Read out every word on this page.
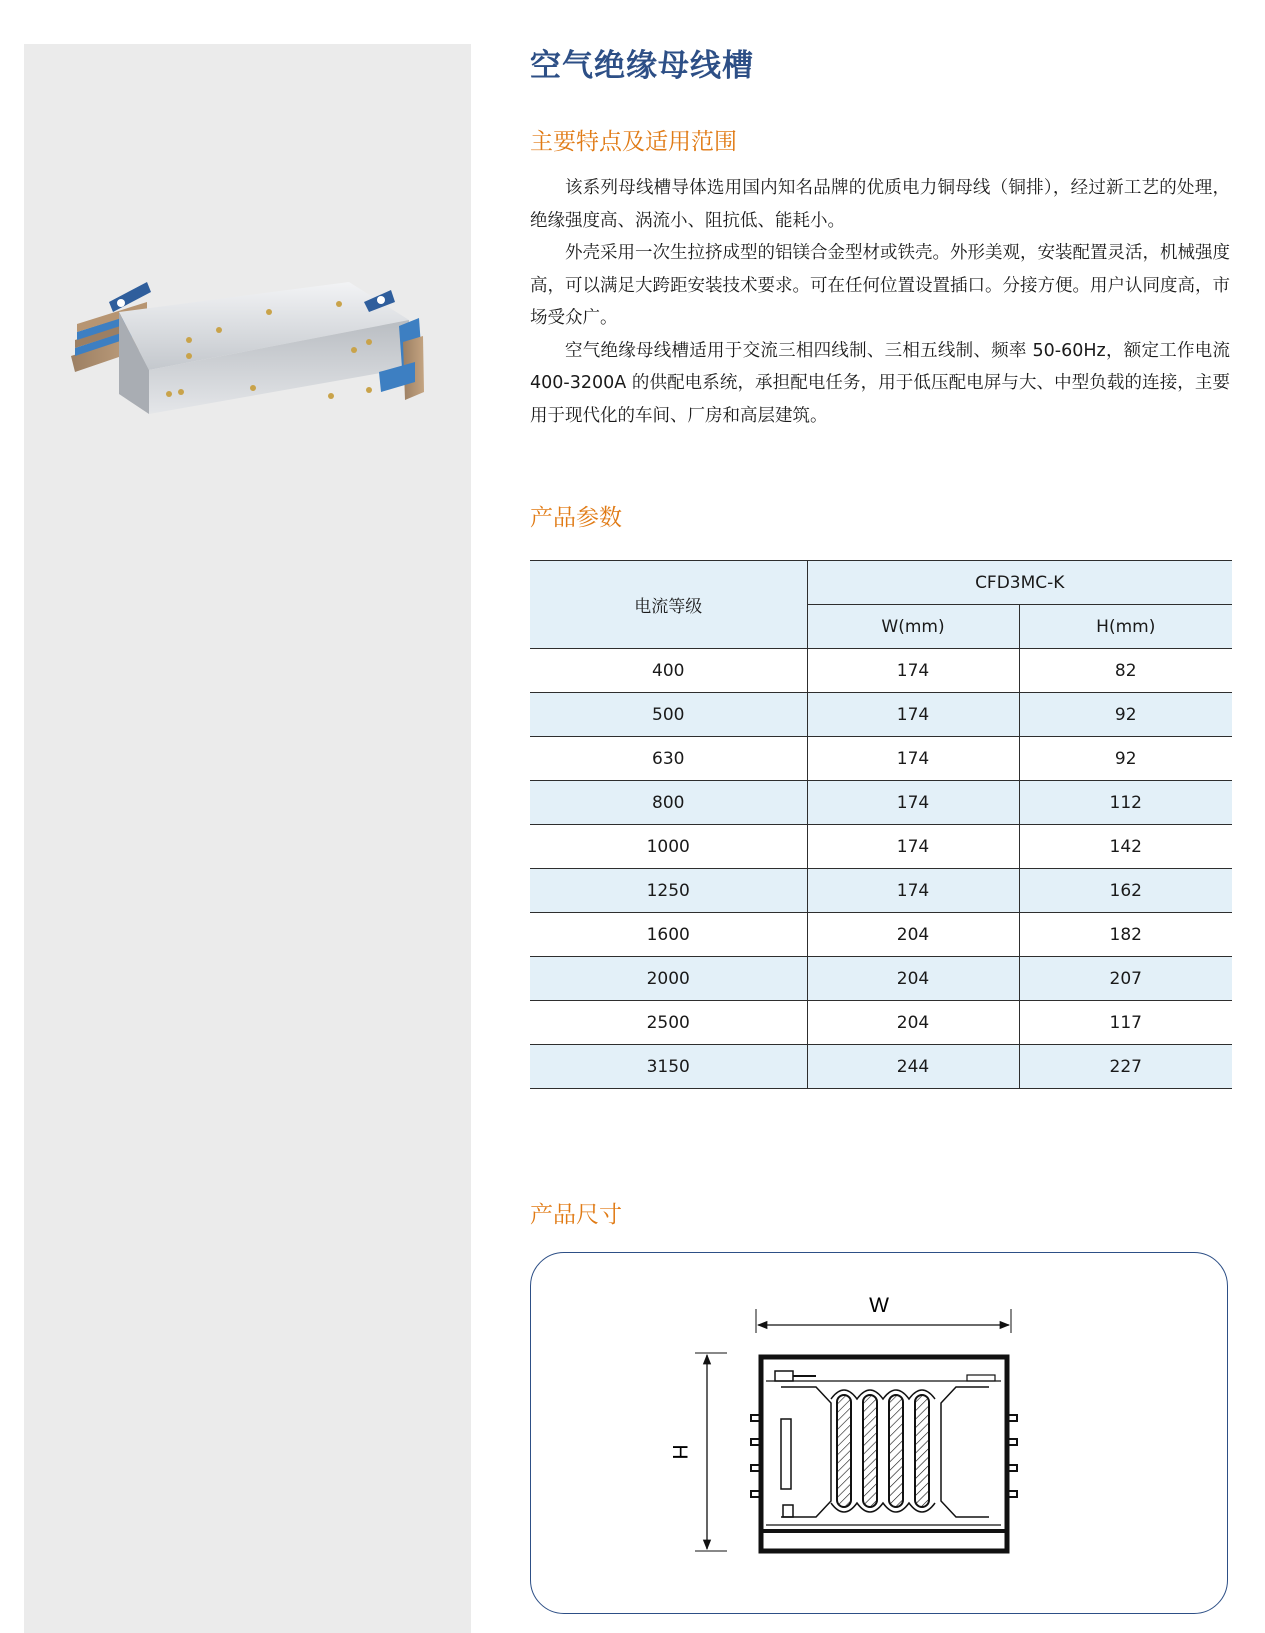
空气绝缘母线槽
主要特点及适用范围

该系列母线槽导体选用国内知名品牌的优质电力铜母线（铜排），经过新工艺的处理，绝缘强度高、涡流小、阻抗低、能耗小。

外壳采用一次生拉挤成型的铝镁合金型材或铁壳。外形美观，安装配置灵活，机械强度高，可以满足大跨距安装技术要求。可在任何位置设置插口。分接方便。用户认同度高，市场受众广。

空气绝缘母线槽适用于交流三相四线制、三相五线制、频率 50-60Hz，额定工作电流 400-3200A 的供配电系统，承担配电任务，用于低压配电屏与大、中型负载的连接，主要用于现代化的车间、厂房和高层建筑。

产品参数
电流等级	CFD3MC-K	
	W(mm)	H(mm)
400	174	82
500	174	92
630	174	92
800	174	112
1000	174	142
1250	174	162
1600	204	182
2000	204	207
2500	204	117
3150	244	227
产品尺寸
W
H
